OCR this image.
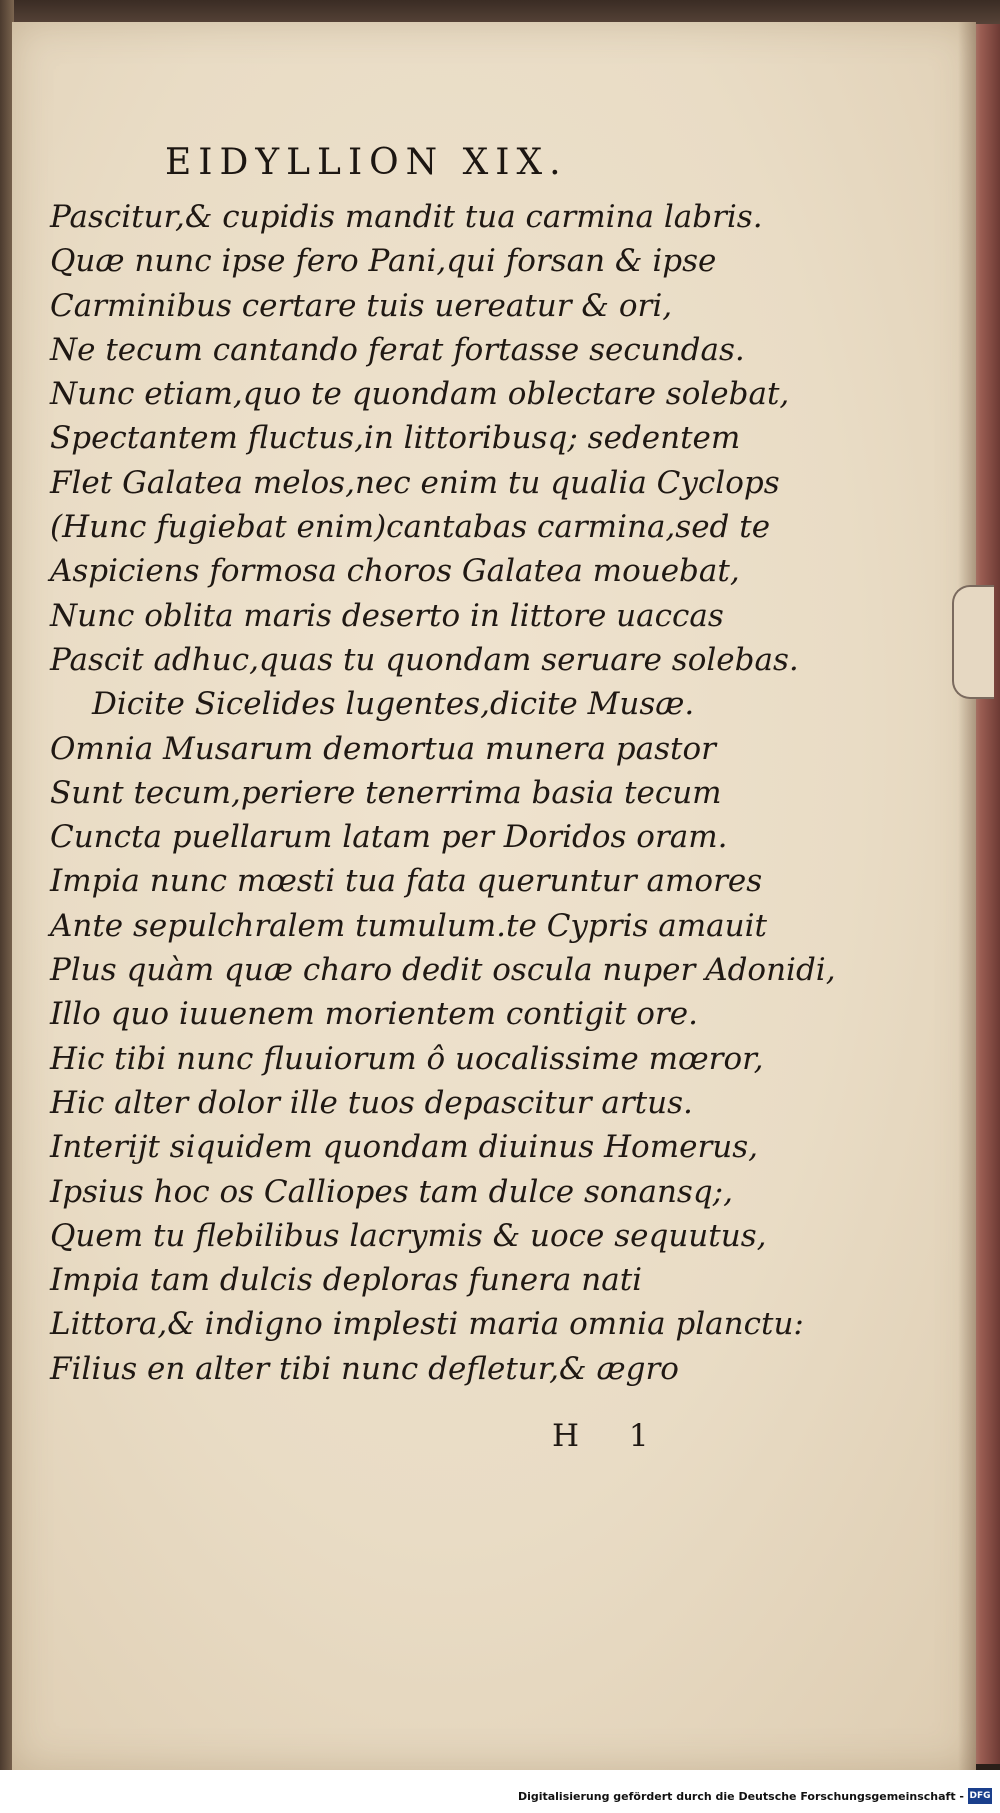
EIDYLLION XIX.
Pascitur,& cupidis mandit tua carmina labris.
Quæ nunc ipse fero Pani,qui forsan & ipse
Carminibus certare tuis uereatur & ori,
Ne tecum cantando ferat fortasse secundas.
Nunc etiam,quo te quondam oblectare solebat,
Spectantem fluctus,in littoribusq; sedentem
Flet Galatea melos,nec enim tu qualia Cyclops
(Hunc fugiebat enim)cantabas carmina,sed te
Aspiciens formosa choros Galatea mouebat,
Nunc oblita maris deserto in littore uaccas
Pascit adhuc,quas tu quondam seruare solebas.
Dicite Sicelides lugentes,dicite Musæ.
Omnia Musarum demortua munera pastor
Sunt tecum,periere tenerrima basia tecum
Cuncta puellarum latam per Doridos oram.
Impia nunc mœsti tua fata queruntur amores
Ante sepulchralem tumulum.te Cypris amauit
Plus quàm quæ charo dedit oscula nuper Adonidi,
Illo quo iuuenem morientem contigit ore.
Hic tibi nunc fluuiorum ô uocalissime mœror,
Hic alter dolor ille tuos depascitur artus.
Interijt siquidem quondam diuinus Homerus,
Ipsius hoc os Calliopes tam dulce sonansq;,
Quem tu flebilibus lacrymis & uoce sequutus,
Impia tam dulcis deploras funera nati
Littora,& indigno implesti maria omnia planctu:
Filius en alter tibi nunc defletur,& ægro
H 1
Digitalisierung gefördert durch die Deutsche Forschungsgemeinschaft - DFG
